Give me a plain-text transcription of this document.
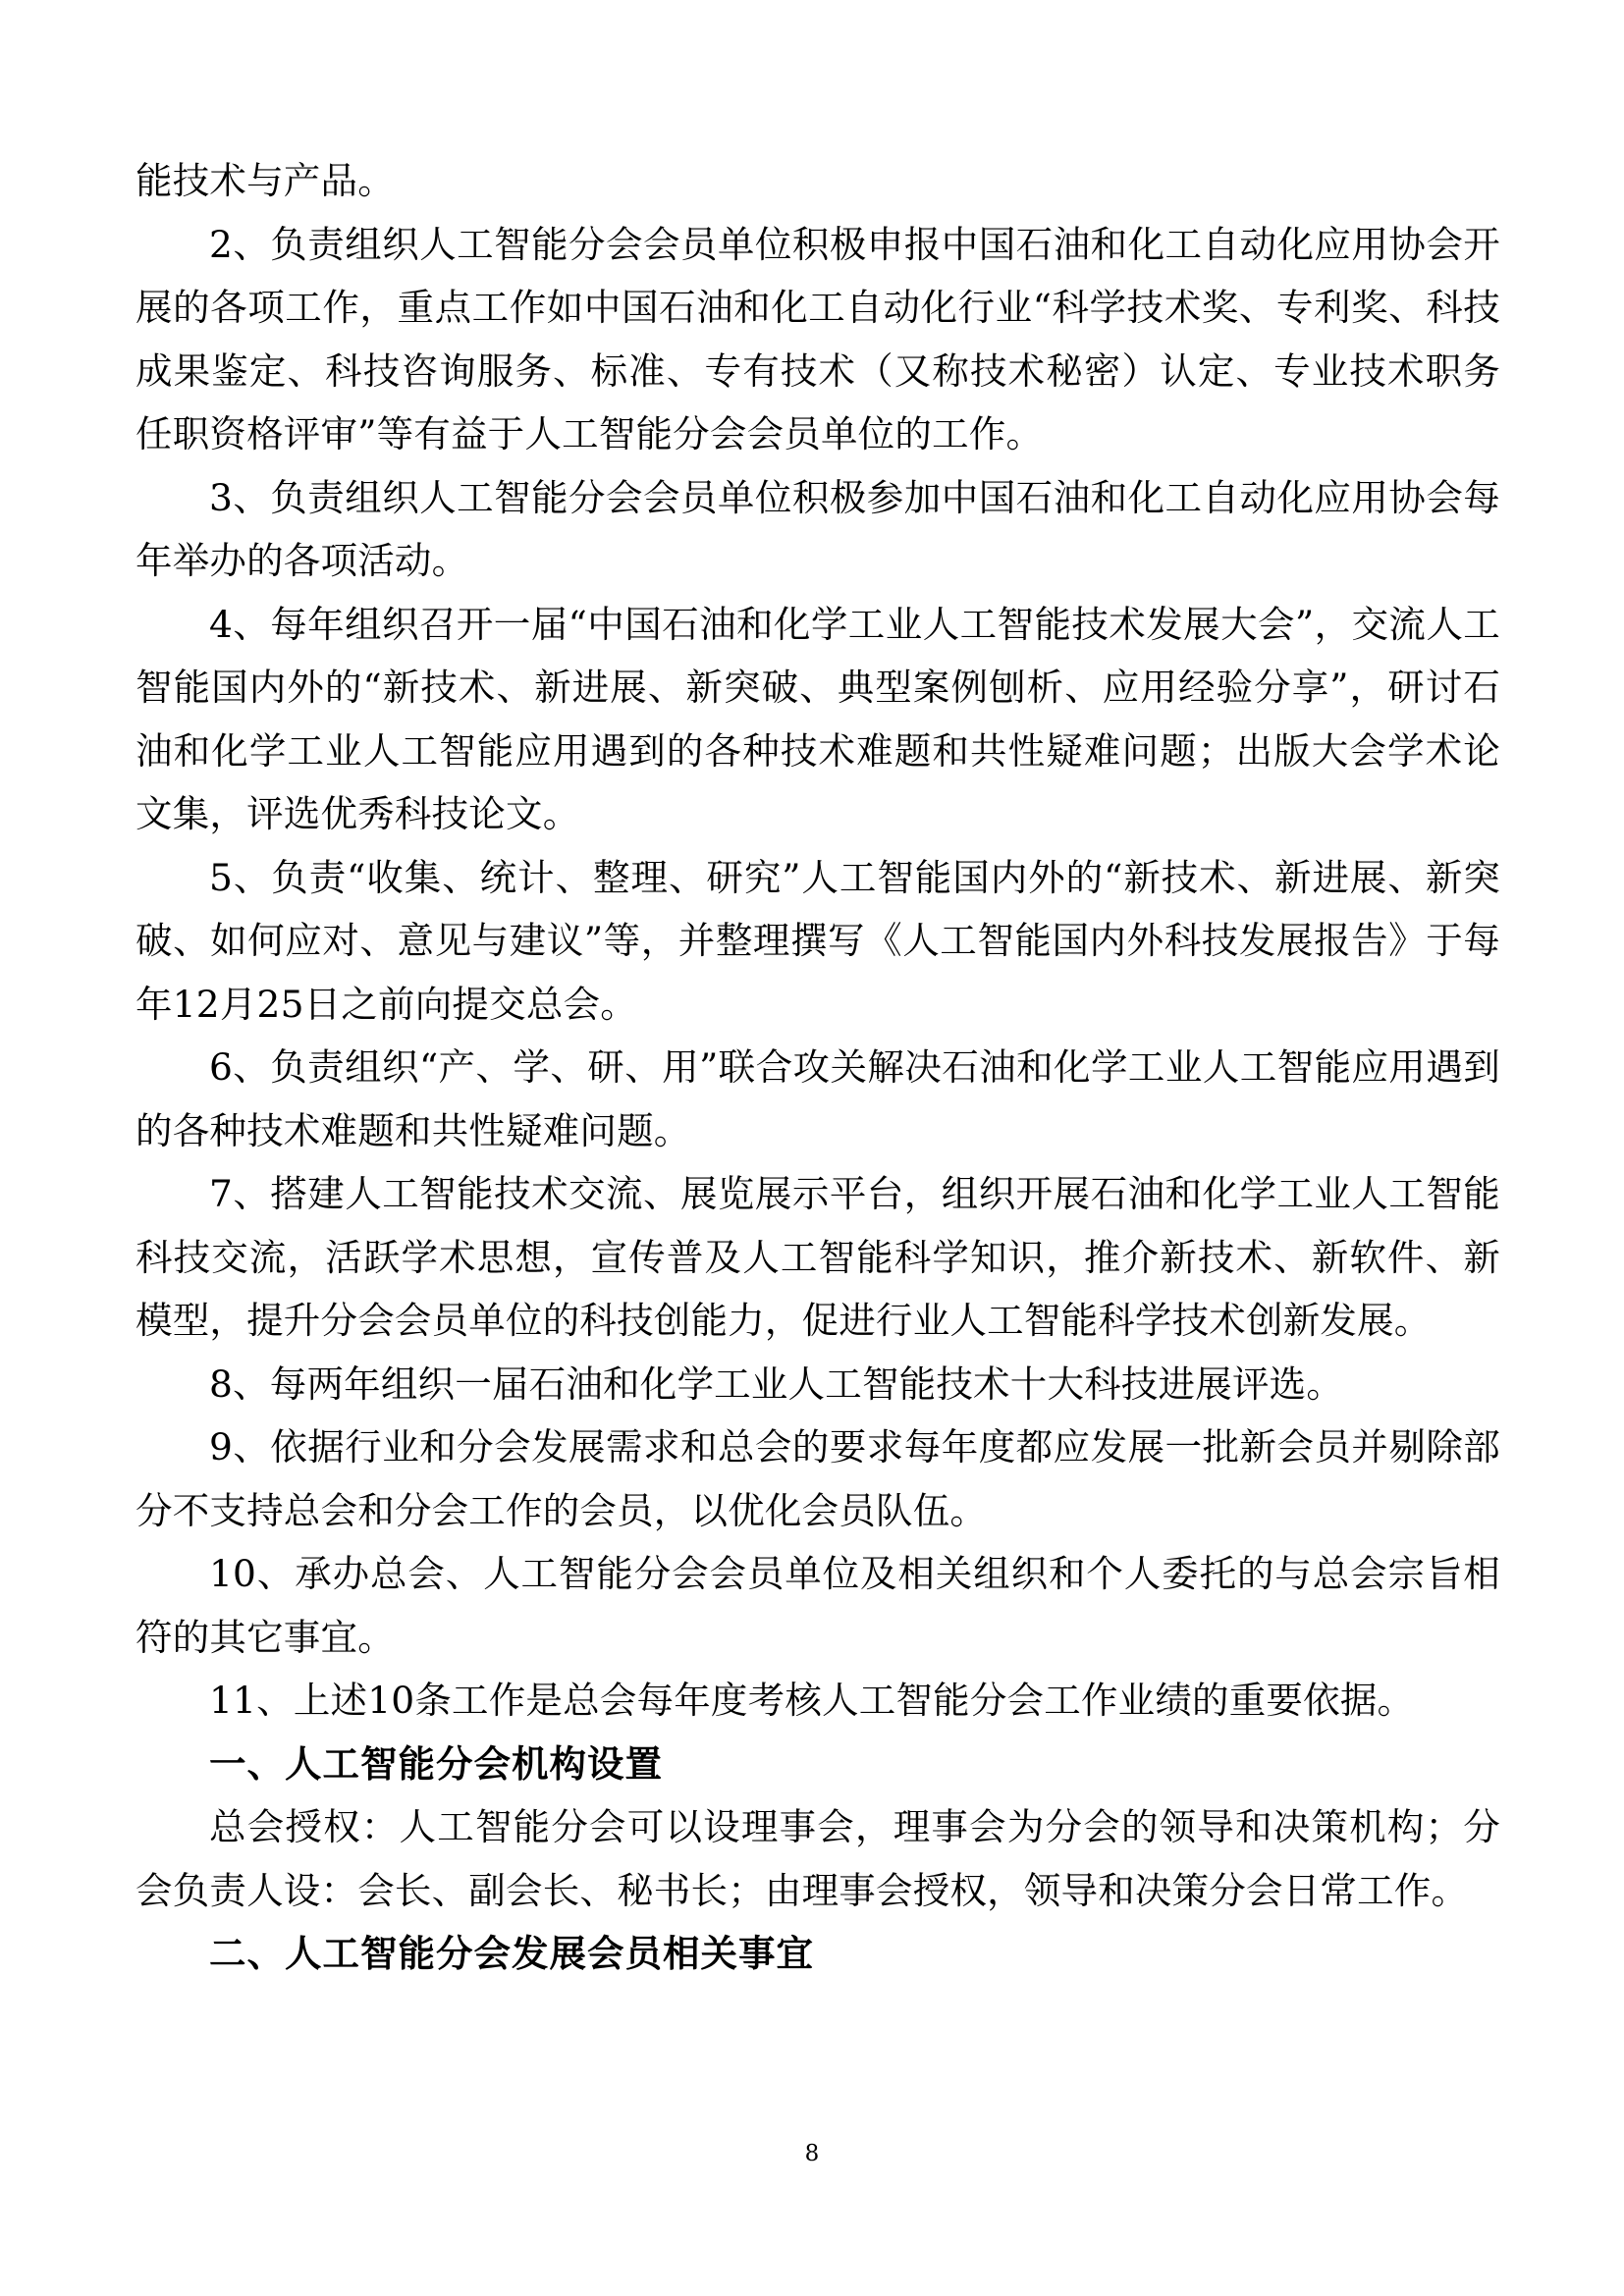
能技术与产品。
2、负责组织人工智能分会会员单位积极申报中国石油和化工自动化应用协会开展的各项工作，重点工作如中国石油和化工自动化行业“科学技术奖、专利奖、科技成果鉴定、科技咨询服务、标准、专有技术（又称技术秘密）认定、专业技术职务任职资格评审”等有益于人工智能分会会员单位的工作。
3、负责组织人工智能分会会员单位积极参加中国石油和化工自动化应用协会每年举办的各项活动。
4、每年组织召开一届“中国石油和化学工业人工智能技术发展大会”，交流人工智能国内外的“新技术、新进展、新突破、典型案例刨析、应用经验分享”，研讨石油和化学工业人工智能应用遇到的各种技术难题和共性疑难问题；出版大会学术论文集，评选优秀科技论文。
5、负责“收集、统计、整理、研究”人工智能国内外的“新技术、新进展、新突破、如何应对、意见与建议”等，并整理撰写《人工智能国内外科技发展报告》于每年12月25日之前向提交总会。
6、负责组织“产、学、研、用”联合攻关解决石油和化学工业人工智能应用遇到的各种技术难题和共性疑难问题。
7、搭建人工智能技术交流、展览展示平台，组织开展石油和化学工业人工智能科技交流，活跃学术思想，宣传普及人工智能科学知识，推介新技术、新软件、新模型，提升分会会员单位的科技创能力，促进行业人工智能科学技术创新发展。
8、每两年组织一届石油和化学工业人工智能技术十大科技进展评选。
9、依据行业和分会发展需求和总会的要求每年度都应发展一批新会员并剔除部分不支持总会和分会工作的会员，以优化会员队伍。
10、承办总会、人工智能分会会员单位及相关组织和个人委托的与总会宗旨相符的其它事宜。
11、上述10条工作是总会每年度考核人工智能分会工作业绩的重要依据。
一、人工智能分会机构设置
总会授权：人工智能分会可以设理事会，理事会为分会的领导和决策机构；分会负责人设：会长、副会长、秘书长；由理事会授权，领导和决策分会日常工作。
二、人工智能分会发展会员相关事宜
8
